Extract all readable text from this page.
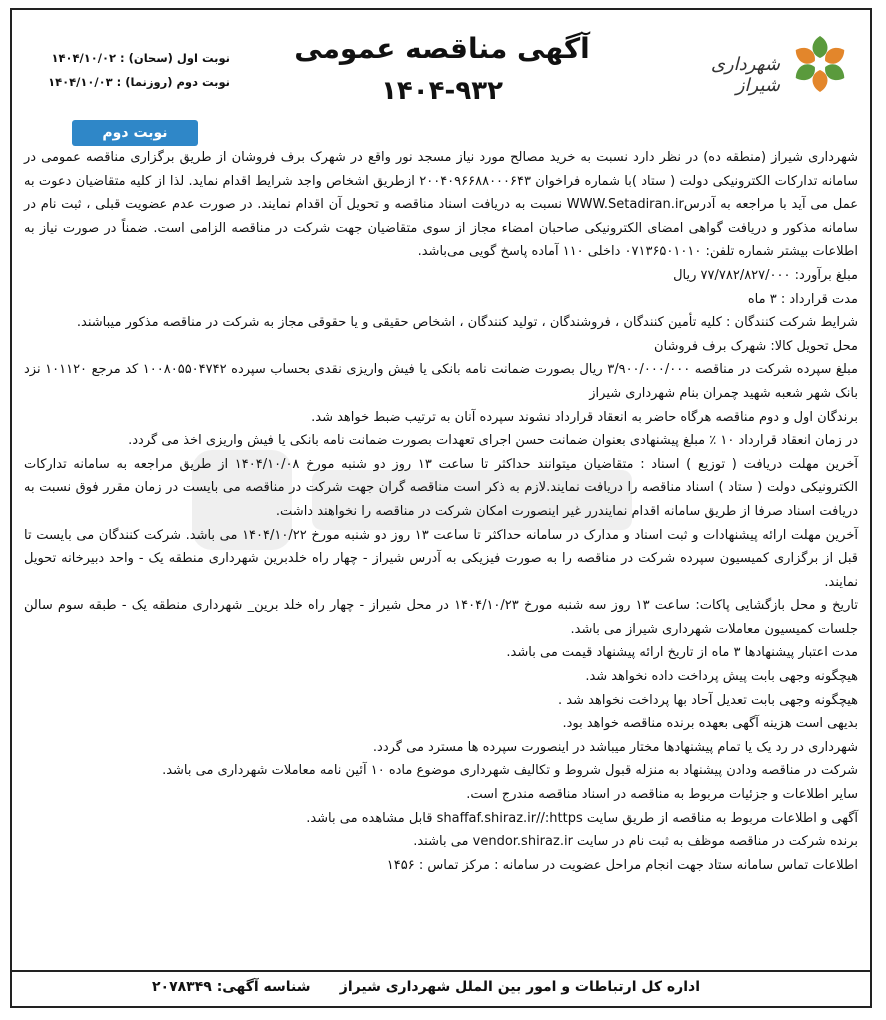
شهرداری شیراز
آگهی مناقصه عمومی
۱۴۰۴-۹۳۲
نوبت اول (سحان) : ۱۴۰۴/۱۰/۰۲
نوبت دوم (روزنما) : ۱۴۰۴/۱۰/۰۳
نوبت دوم

شهرداری شیراز (منطقه ده) در نظر دارد نسبت به خرید مصالح مورد نیاز مسجد نور واقع در شهرک برف فروشان از طریق برگزاری مناقصه عمومی در سامانه تدارکات الکترونیکی دولت ( ستاد )با شماره فراخوان ۲۰۰۴۰۹۶۶۸۸۰۰۰۶۴۳ ازطریق اشخاص واجد شرایط اقدام نماید. لذا از کلیه متقاضیان دعوت به عمل می آید با مراجعه به آدرسWWW.Setadiran.ir نسبت به دریافت اسناد مناقصه و تحویل آن اقدام نمایند. در صورت عدم عضویت قبلی ، ثبت نام در سامانه مذکور و دریافت گواهی امضای الکترونیکی صاحبان امضاء مجاز از سوی متقاضیان جهت شرکت در مناقصه الزامی است. ضمناً در صورت نیاز به اطلاعات بیشتر شماره تلفن: ۰۷۱۳۶۵۰۱۰۱۰ داخلی ۱۱۰ آماده پاسخ گویی می‌باشد.

مبلغ برآورد: ۷۷/۷۸۲/۸۲۷/۰۰۰ ریال

مدت قرارداد : ۳ ماه

شرایط شرکت کنندگان : کلیه تأمین کنندگان ، فروشندگان ، تولید کنندگان ، اشخاص حقیقی و یا حقوقی مجاز به شرکت در مناقصه مذکور میباشند.

محل تحویل کالا: شهرک برف فروشان

مبلغ سپرده شرکت در مناقصه ۳/۹۰۰/۰۰۰/۰۰۰ ریال بصورت ضمانت نامه بانکی یا فیش واریزی نقدی بحساب سپرده ۱۰۰۸۰۵۵۰۴۷۴۲ کد مرجع ۱۰۱۱۲۰ نزد بانک شهر شعبه شهید چمران بنام شهرداری شیراز

برندگان اول و دوم مناقصه هرگاه حاضر به انعقاد قرارداد نشوند سپرده آنان به ترتیب ضبط خواهد شد.

در زمان انعقاد قرارداد ۱۰ ٪ مبلغ پیشنهادی بعنوان ضمانت حسن اجرای تعهدات بصورت ضمانت نامه بانکی یا فیش واریزی اخذ می گردد.

آخرین مهلت دریافت ( توزیع ) اسناد : متقاضیان میتوانند حداکثر تا ساعت ۱۳ روز دو شنبه مورخ ۱۴۰۴/۱۰/۰۸ از طریق مراجعه به سامانه تدارکات الکترونیکی دولت ( ستاد ) اسناد مناقصه را دریافت نمایند.لازم به ذکر است مناقصه گران جهت شرکت در مناقصه می بایست در زمان مقرر فوق نسبت به دریافت اسناد صرفا از طریق سامانه اقدام نمایندرر غیر اینصورت امکان شرکت در مناقصه را نخواهند داشت.

آخرین مهلت ارائه پیشنهادات و ثبت اسناد و مدارک در سامانه حداکثر تا ساعت ۱۳ روز دو شنبه مورخ ۱۴۰۴/۱۰/۲۲ می باشد. شرکت کنندگان می بایست تا قبل از برگزاری کمیسیون سپرده شرکت در مناقصه را به صورت فیزیکی به آدرس شیراز - چهار راه خلدبرین شهرداری منطقه یک - واحد دبیرخانه تحویل نمایند.

تاریخ و محل بازگشایی پاکات: ساعت ۱۳ روز سه شنبه مورخ ۱۴۰۴/۱۰/۲۳ در محل شیراز - چهار راه خلد برین_ شهرداری منطقه یک - طبقه سوم سالن جلسات کمیسیون معاملات شهرداری شیراز می باشد.

مدت اعتبار پیشنهادها ۳ ماه از تاریخ ارائه پیشنهاد قیمت می باشد.

هیچگونه وجهی بابت پیش پرداخت داده نخواهد شد.

هیچگونه وجهی بابت تعدیل آحاد بها پرداخت نخواهد شد .

بدیهی است هزینه آگهی بعهده برنده مناقصه خواهد بود.

شهرداری در رد یک یا تمام پیشنهادها مختار میباشد در اینصورت سپرده ها مسترد می گردد.

شرکت در مناقصه ودادن پیشنهاد به منزله قبول شروط و تکالیف شهرداری موضوع ماده ۱۰ آئین نامه معاملات شهرداری می باشد.

سایر اطلاعات و جزئیات مربوط به مناقصه در اسناد مناقصه مندرج است.

آگهی و اطلاعات مربوط به مناقصه از طریق سایت shaffaf.shiraz.ir//:https قابل مشاهده می باشد.

برنده شرکت در مناقصه موظف به ثبت نام در سایت vendor.shiraz.ir می باشند.

اطلاعات تماس سامانه ستاد جهت انجام مراحل عضویت در سامانه : مرکز تماس : ۱۴۵۶

اداره کل ارتباطات و امور بین الملل شهرداری شیراز
شناسه آگهی: ۲۰۷۸۳۴۹
